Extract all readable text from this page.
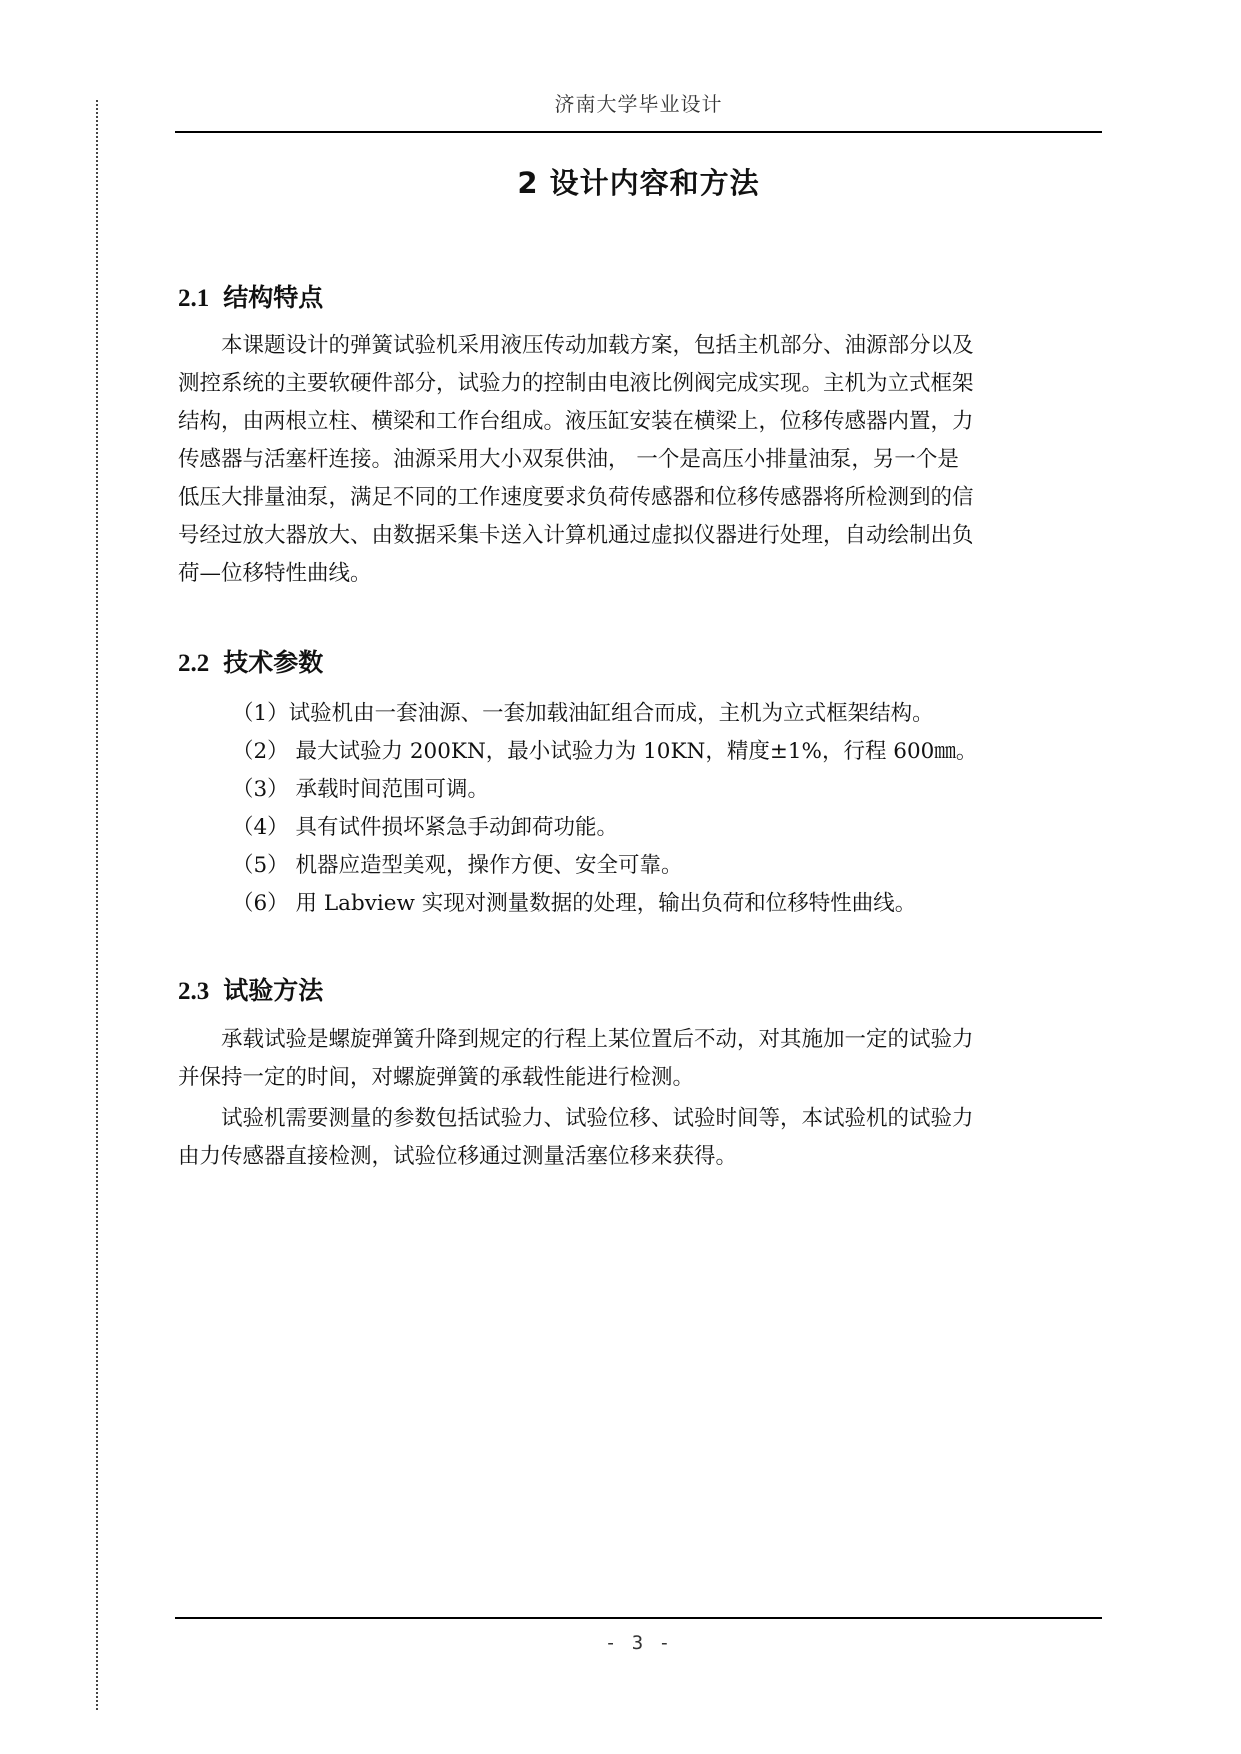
济南大学毕业设计
2 设计内容和方法
2.1 结构特点
本课题设计的弹簧试验机采用液压传动加载方案，包括主机部分、油源部分以及
测控系统的主要软硬件部分，试验力的控制由电液比例阀完成实现。主机为立式框架
结构，由两根立柱、横梁和工作台组成。液压缸安装在横梁上，位移传感器内置，力
传感器与活塞杆连接。油源采用大小双泵供油， 一个是高压小排量油泵，另一个是
低压大排量油泵，满足不同的工作速度要求负荷传感器和位移传感器将所检测到的信
号经过放大器放大、由数据采集卡送入计算机通过虚拟仪器进行处理，自动绘制出负
荷—位移特性曲线。
2.2 技术参数
（1）试验机由一套油源、一套加载油缸组合而成，主机为立式框架结构。
（2） 最大试验力 200KN，最小试验力为 10KN，精度±1%，行程 600㎜。
（3） 承载时间范围可调。
（4） 具有试件损坏紧急手动卸荷功能。
（5） 机器应造型美观，操作方便、安全可靠。
（6） 用 Labview 实现对测量数据的处理，输出负荷和位移特性曲线。
2.3 试验方法
承载试验是螺旋弹簧升降到规定的行程上某位置后不动，对其施加一定的试验力
并保持一定的时间，对螺旋弹簧的承载性能进行检测。
试验机需要测量的参数包括试验力、试验位移、试验时间等，本试验机的试验力
由力传感器直接检测，试验位移通过测量活塞位移来获得。
- 3 -
